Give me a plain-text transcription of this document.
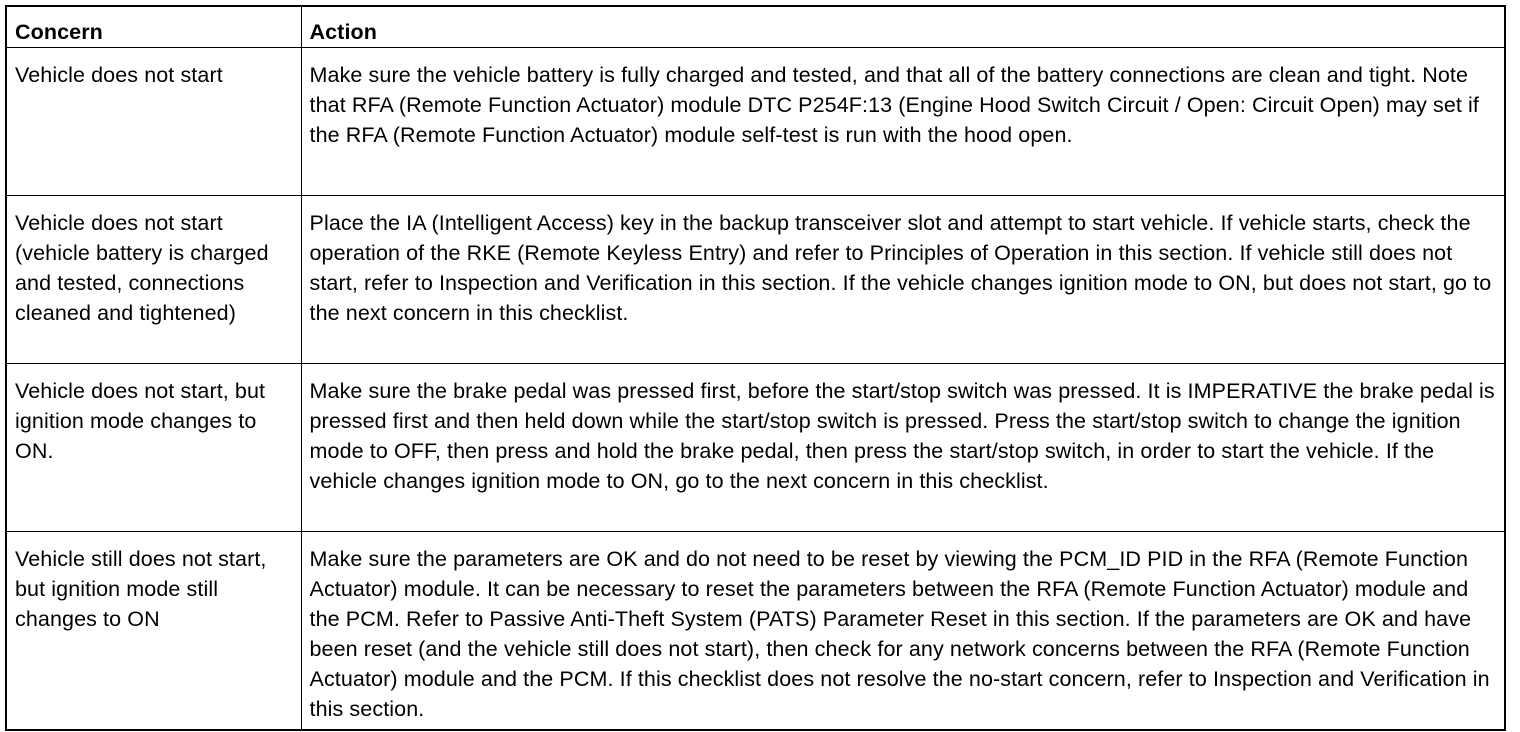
Concern	Action
Vehicle does not start	Make sure the vehicle battery is fully charged and tested, and that all of the battery connections are clean and tight. Note that RFA (Remote Function Actuator) module DTC P254F:13 (Engine Hood Switch Circuit / Open: Circuit Open) may set if the RFA (Remote Function Actuator) module self-test is run with the hood open.
Vehicle does not start (vehicle battery is charged and tested, connections cleaned and tightened)	Place the IA (Intelligent Access) key in the backup transceiver slot and attempt to start vehicle. If vehicle starts, check the operation of the RKE (Remote Keyless Entry) and refer to Principles of Operation in this section. If vehicle still does not start, refer to Inspection and Verification in this section. If the vehicle changes ignition mode to ON, but does not start, go to the next concern in this checklist.
Vehicle does not start, but ignition mode changes to ON.	Make sure the brake pedal was pressed first, before the start/stop switch was pressed. It is IMPERATIVE the brake pedal is pressed first and then held down while the start/stop switch is pressed. Press the start/stop switch to change the ignition mode to OFF, then press and hold the brake pedal, then press the start/stop switch, in order to start the vehicle. If the vehicle changes ignition mode to ON, go to the next concern in this checklist.
Vehicle still does not start, but ignition mode still changes to ON	Make sure the parameters are OK and do not need to be reset by viewing the PCM_ID PID in the RFA (Remote Function Actuator) module. It can be necessary to reset the parameters between the RFA (Remote Function Actuator) module and the PCM. Refer to Passive Anti-Theft System (PATS) Parameter Reset in this section. If the parameters are OK and have been reset (and the vehicle still does not start), then check for any network concerns between the RFA (Remote Function Actuator) module and the PCM. If this checklist does not resolve the no-start concern, refer to Inspection and Verification in this section.
